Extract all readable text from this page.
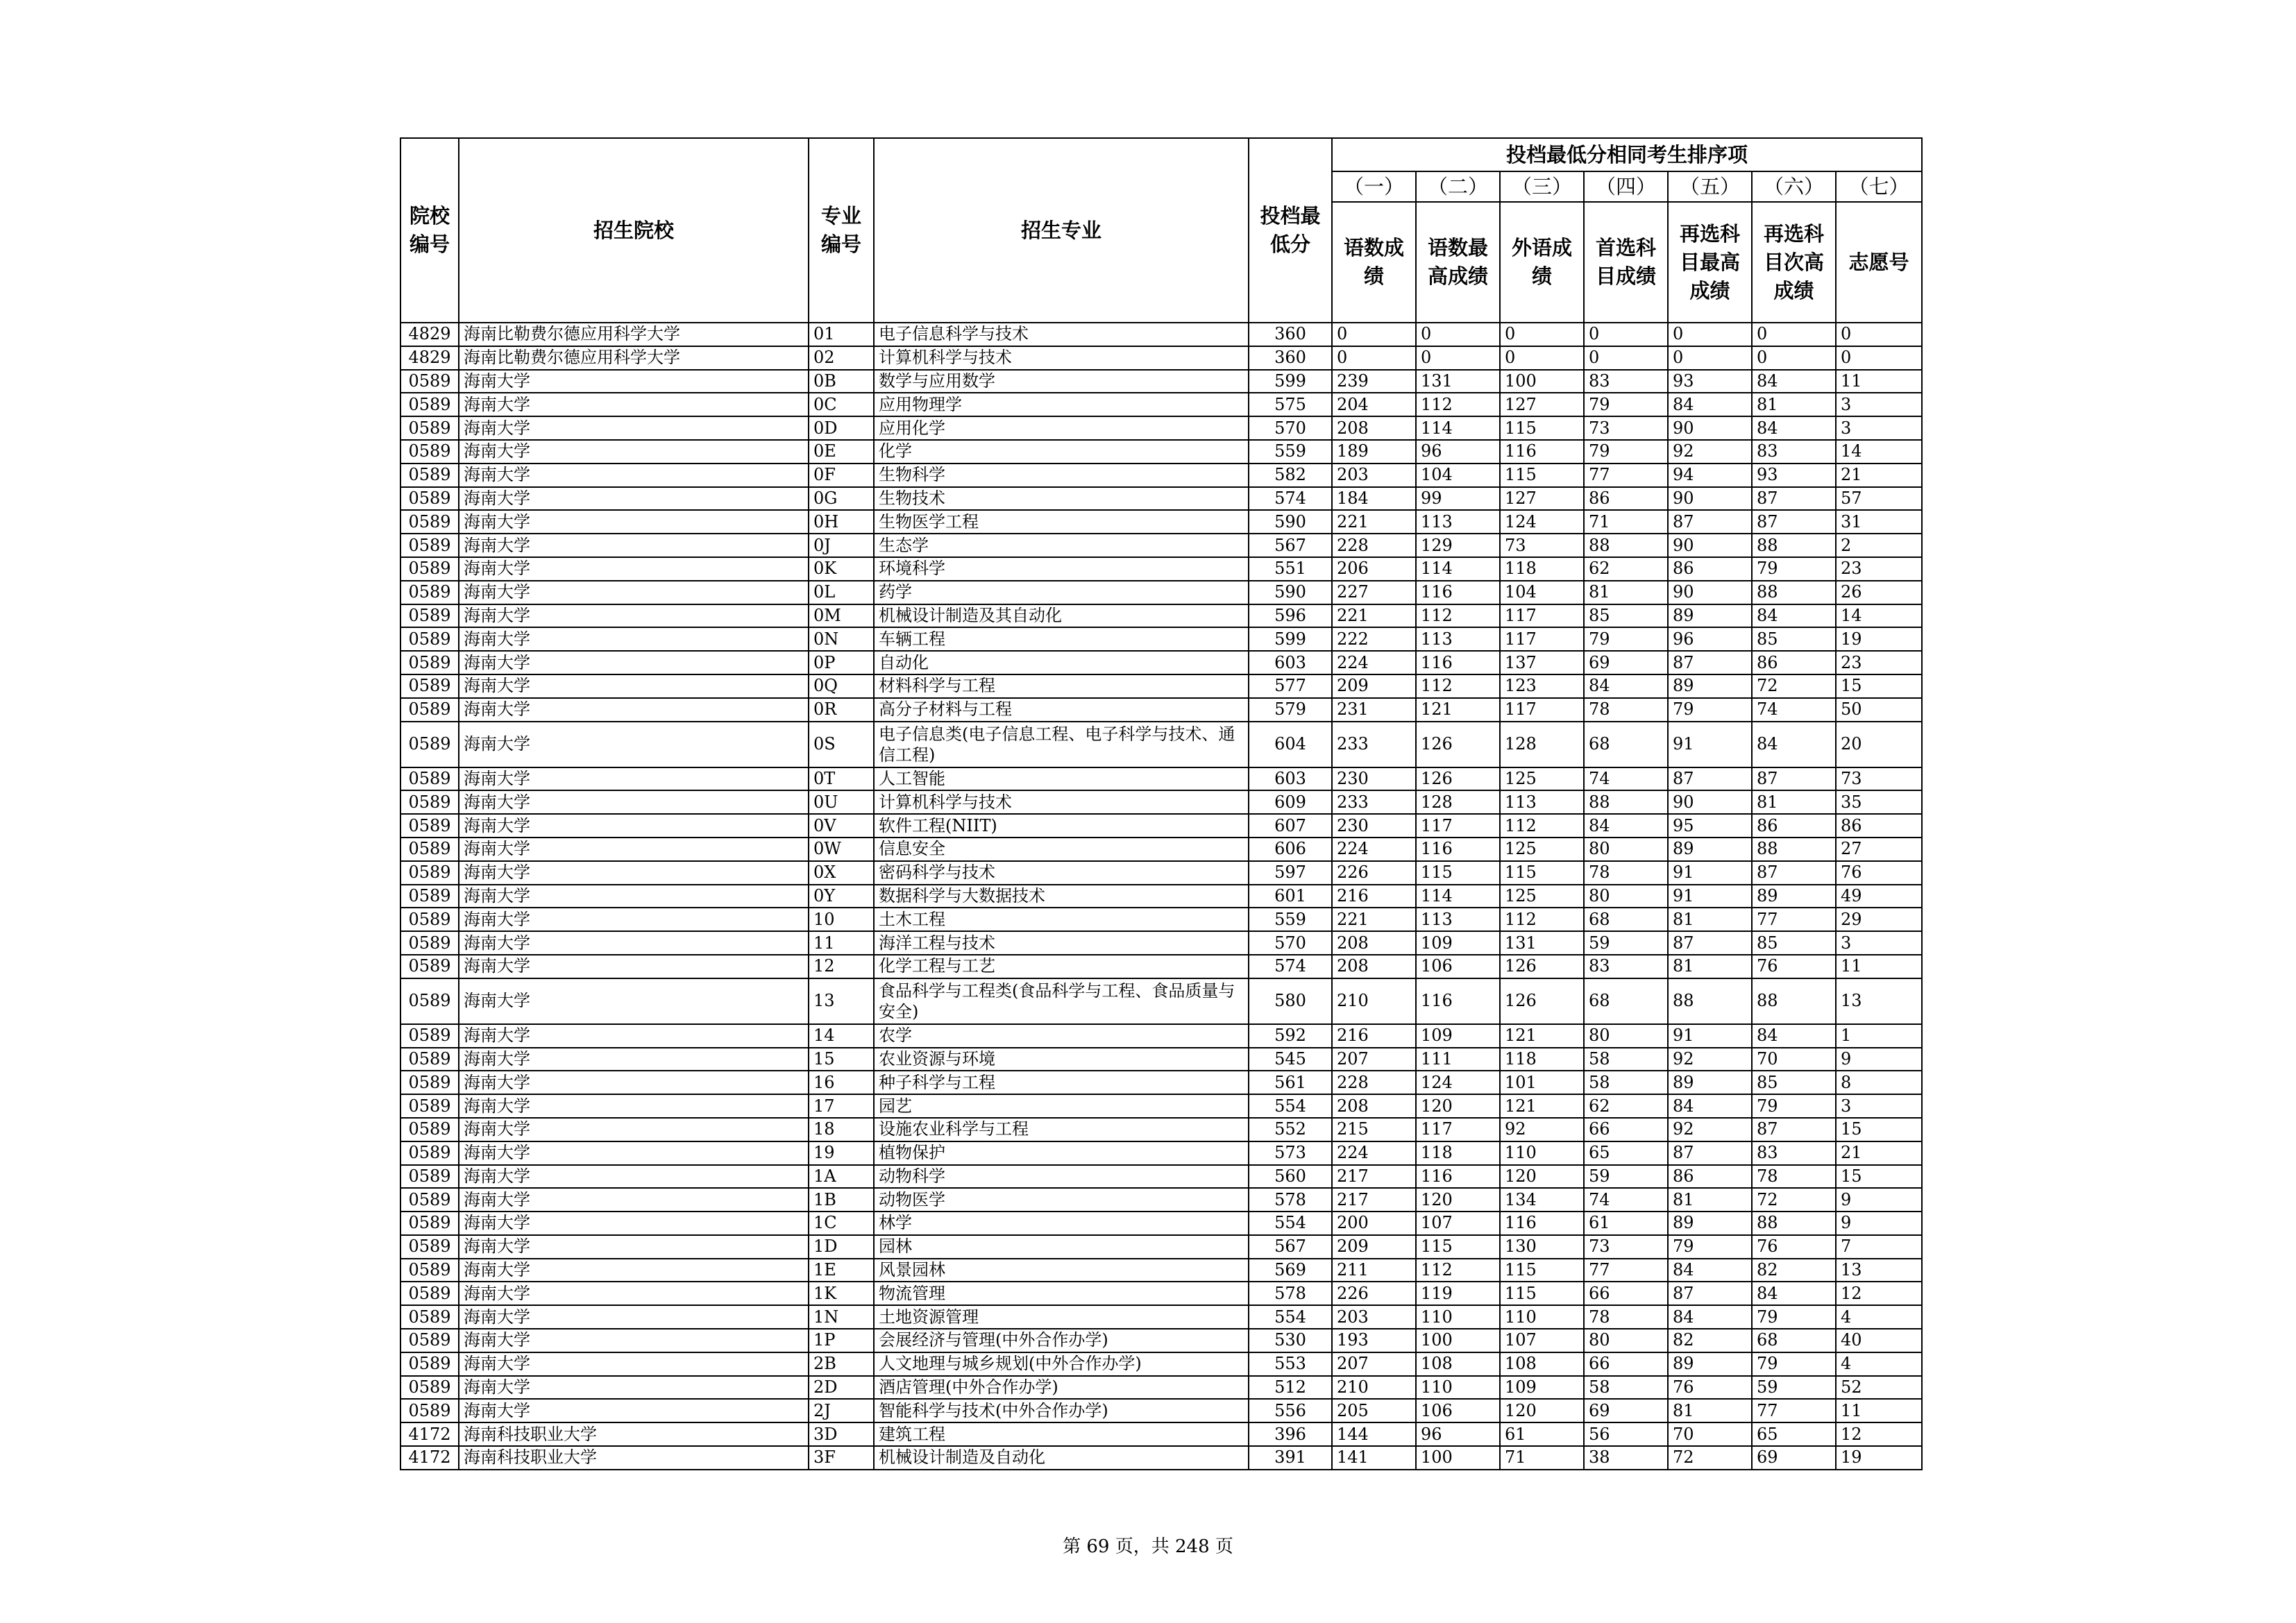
院校编号	招生院校	专业编号	招生专业	投档最低分	投档最低分相同考生排序项						
					（一）	（二）	（三）	（四）	（五）	（六）	（七）
					语数成绩	语数最高成绩	外语成绩	首选科目成绩	再选科目最高成绩	再选科目次高成绩	志愿号
4829	海南比勒费尔德应用科学大学	01	电子信息科学与技术	360	0	0	0	0	0	0	0
4829	海南比勒费尔德应用科学大学	02	计算机科学与技术	360	0	0	0	0	0	0	0
0589	海南大学	0B	数学与应用数学	599	239	131	100	83	93	84	11
0589	海南大学	0C	应用物理学	575	204	112	127	79	84	81	3
0589	海南大学	0D	应用化学	570	208	114	115	73	90	84	3
0589	海南大学	0E	化学	559	189	96	116	79	92	83	14
0589	海南大学	0F	生物科学	582	203	104	115	77	94	93	21
0589	海南大学	0G	生物技术	574	184	99	127	86	90	87	57
0589	海南大学	0H	生物医学工程	590	221	113	124	71	87	87	31
0589	海南大学	0J	生态学	567	228	129	73	88	90	88	2
0589	海南大学	0K	环境科学	551	206	114	118	62	86	79	23
0589	海南大学	0L	药学	590	227	116	104	81	90	88	26
0589	海南大学	0M	机械设计制造及其自动化	596	221	112	117	85	89	84	14
0589	海南大学	0N	车辆工程	599	222	113	117	79	96	85	19
0589	海南大学	0P	自动化	603	224	116	137	69	87	86	23
0589	海南大学	0Q	材料科学与工程	577	209	112	123	84	89	72	15
0589	海南大学	0R	高分子材料与工程	579	231	121	117	78	79	74	50
0589	海南大学	0S	电子信息类(电子信息工程、电子科学与技术、通信工程)	604	233	126	128	68	91	84	20
0589	海南大学	0T	人工智能	603	230	126	125	74	87	87	73
0589	海南大学	0U	计算机科学与技术	609	233	128	113	88	90	81	35
0589	海南大学	0V	软件工程(NIIT)	607	230	117	112	84	95	86	86
0589	海南大学	0W	信息安全	606	224	116	125	80	89	88	27
0589	海南大学	0X	密码科学与技术	597	226	115	115	78	91	87	76
0589	海南大学	0Y	数据科学与大数据技术	601	216	114	125	80	91	89	49
0589	海南大学	10	土木工程	559	221	113	112	68	81	77	29
0589	海南大学	11	海洋工程与技术	570	208	109	131	59	87	85	3
0589	海南大学	12	化学工程与工艺	574	208	106	126	83	81	76	11
0589	海南大学	13	食品科学与工程类(食品科学与工程、食品质量与安全)	580	210	116	126	68	88	88	13
0589	海南大学	14	农学	592	216	109	121	80	91	84	1
0589	海南大学	15	农业资源与环境	545	207	111	118	58	92	70	9
0589	海南大学	16	种子科学与工程	561	228	124	101	58	89	85	8
0589	海南大学	17	园艺	554	208	120	121	62	84	79	3
0589	海南大学	18	设施农业科学与工程	552	215	117	92	66	92	87	15
0589	海南大学	19	植物保护	573	224	118	110	65	87	83	21
0589	海南大学	1A	动物科学	560	217	116	120	59	86	78	15
0589	海南大学	1B	动物医学	578	217	120	134	74	81	72	9
0589	海南大学	1C	林学	554	200	107	116	61	89	88	9
0589	海南大学	1D	园林	567	209	115	130	73	79	76	7
0589	海南大学	1E	风景园林	569	211	112	115	77	84	82	13
0589	海南大学	1K	物流管理	578	226	119	115	66	87	84	12
0589	海南大学	1N	土地资源管理	554	203	110	110	78	84	79	4
0589	海南大学	1P	会展经济与管理(中外合作办学)	530	193	100	107	80	82	68	40
0589	海南大学	2B	人文地理与城乡规划(中外合作办学)	553	207	108	108	66	89	79	4
0589	海南大学	2D	酒店管理(中外合作办学)	512	210	110	109	58	76	59	52
0589	海南大学	2J	智能科学与技术(中外合作办学)	556	205	106	120	69	81	77	11
4172	海南科技职业大学	3D	建筑工程	396	144	96	61	56	70	65	12
4172	海南科技职业大学	3F	机械设计制造及自动化	391	141	100	71	38	72	69	19
第 69 页，共 248 页
